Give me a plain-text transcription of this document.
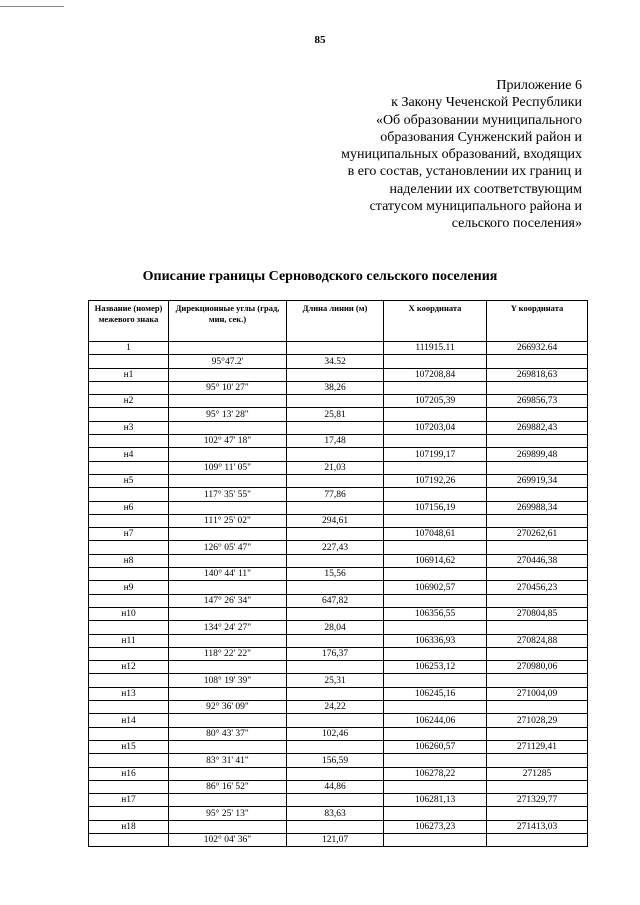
85
Приложение 6
к Закону Чеченской Республики
«Об образовании муниципального
образования Сунженский район и
муниципальных образований, входящих
в его состав, установлении их границ и
наделении их соответствующим
статусом муниципального района и
сельского поселения»
Описание границы Серноводского сельского поселения
Название (номер) межевого знака	Дирекционные углы (град, мин, сек.)	Длина линии (м)	X координата	Y координата
1			111915.11	266932.64
	95°47.2'	34.52		
н1			107208,84	269818,63
	95° 10' 27"	38,26		
н2			107205,39	269856,73
	95° 13' 28"	25,81		
н3			107203,04	269882,43
	102° 47' 18"	17,48		
н4			107199,17	269899,48
	109° 11' 05"	21,03		
н5			107192,26	269919,34
	117° 35' 55"	77,86		
н6			107156,19	269988,34
	111° 25' 02"	294,61		
н7			107048,61	270262,61
	126° 05' 47"	227,43		
н8			106914,62	270446,38
	140° 44' 11"	15,56		
н9			106902,57	270456,23
	147° 26' 34"	647,82		
н10			106356,55	270804,85
	134° 24' 27"	28,04		
н11			106336,93	270824,88
	118° 22' 22"	176,37		
н12			106253,12	270980,06
	108° 19' 39"	25,31		
н13			106245,16	271004,09
	92° 36' 09"	24,22		
н14			106244,06	271028,29
	80° 43' 37"	102,46		
н15			106260,57	271129,41
	83° 31' 41"	156,59		
н16			106278,22	271285
	86° 16' 52"	44,86		
н17			106281,13	271329,77
	95° 25' 13"	83,63		
н18			106273,23	271413,03
	102° 04' 36"	121,07		
